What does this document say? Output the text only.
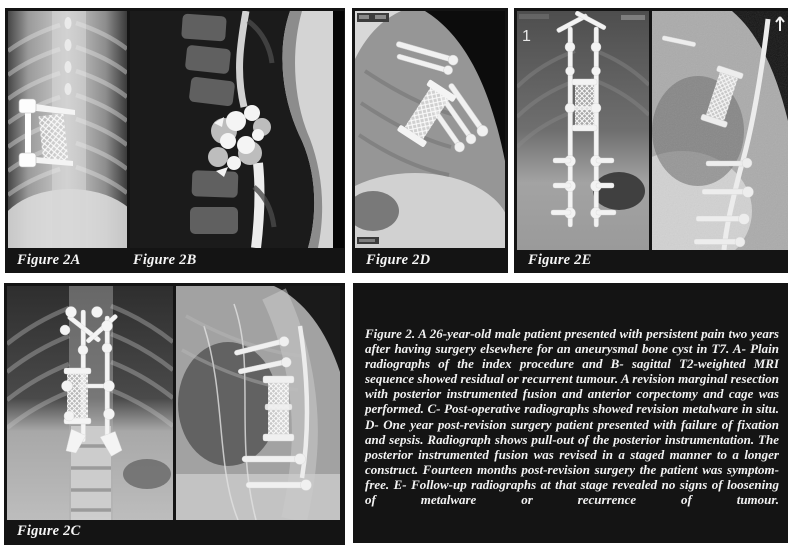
Figure 2A	Figure 2B	Figure 2D
1
Figure 2E
Figure 2C

Figure 2. A 26-year-old male patient presented with persistent pain two years after having surgery elsewhere for an aneurysmal bone cyst in T7. A- Plain radiographs of the index procedure and B- sagittal T2-weighted MRI sequence showed residual or recurrent tumour. A revision marginal resection with posterior instrumented fusion and anterior corpectomy and cage was performed. C- Post-operative radiographs showed revision metalware in situ. D- One year post-revision surgery patient presented with failure of fixation and sepsis. Radiograph shows pull-out of the posterior instrumentation. The posterior instrumented fusion was revised in a staged manner to a longer construct. Fourteen months post-revision surgery the patient was symptom-free. E- Follow-up radiographs at that stage revealed no signs of loosening of metalware or recurrence of tumour.
